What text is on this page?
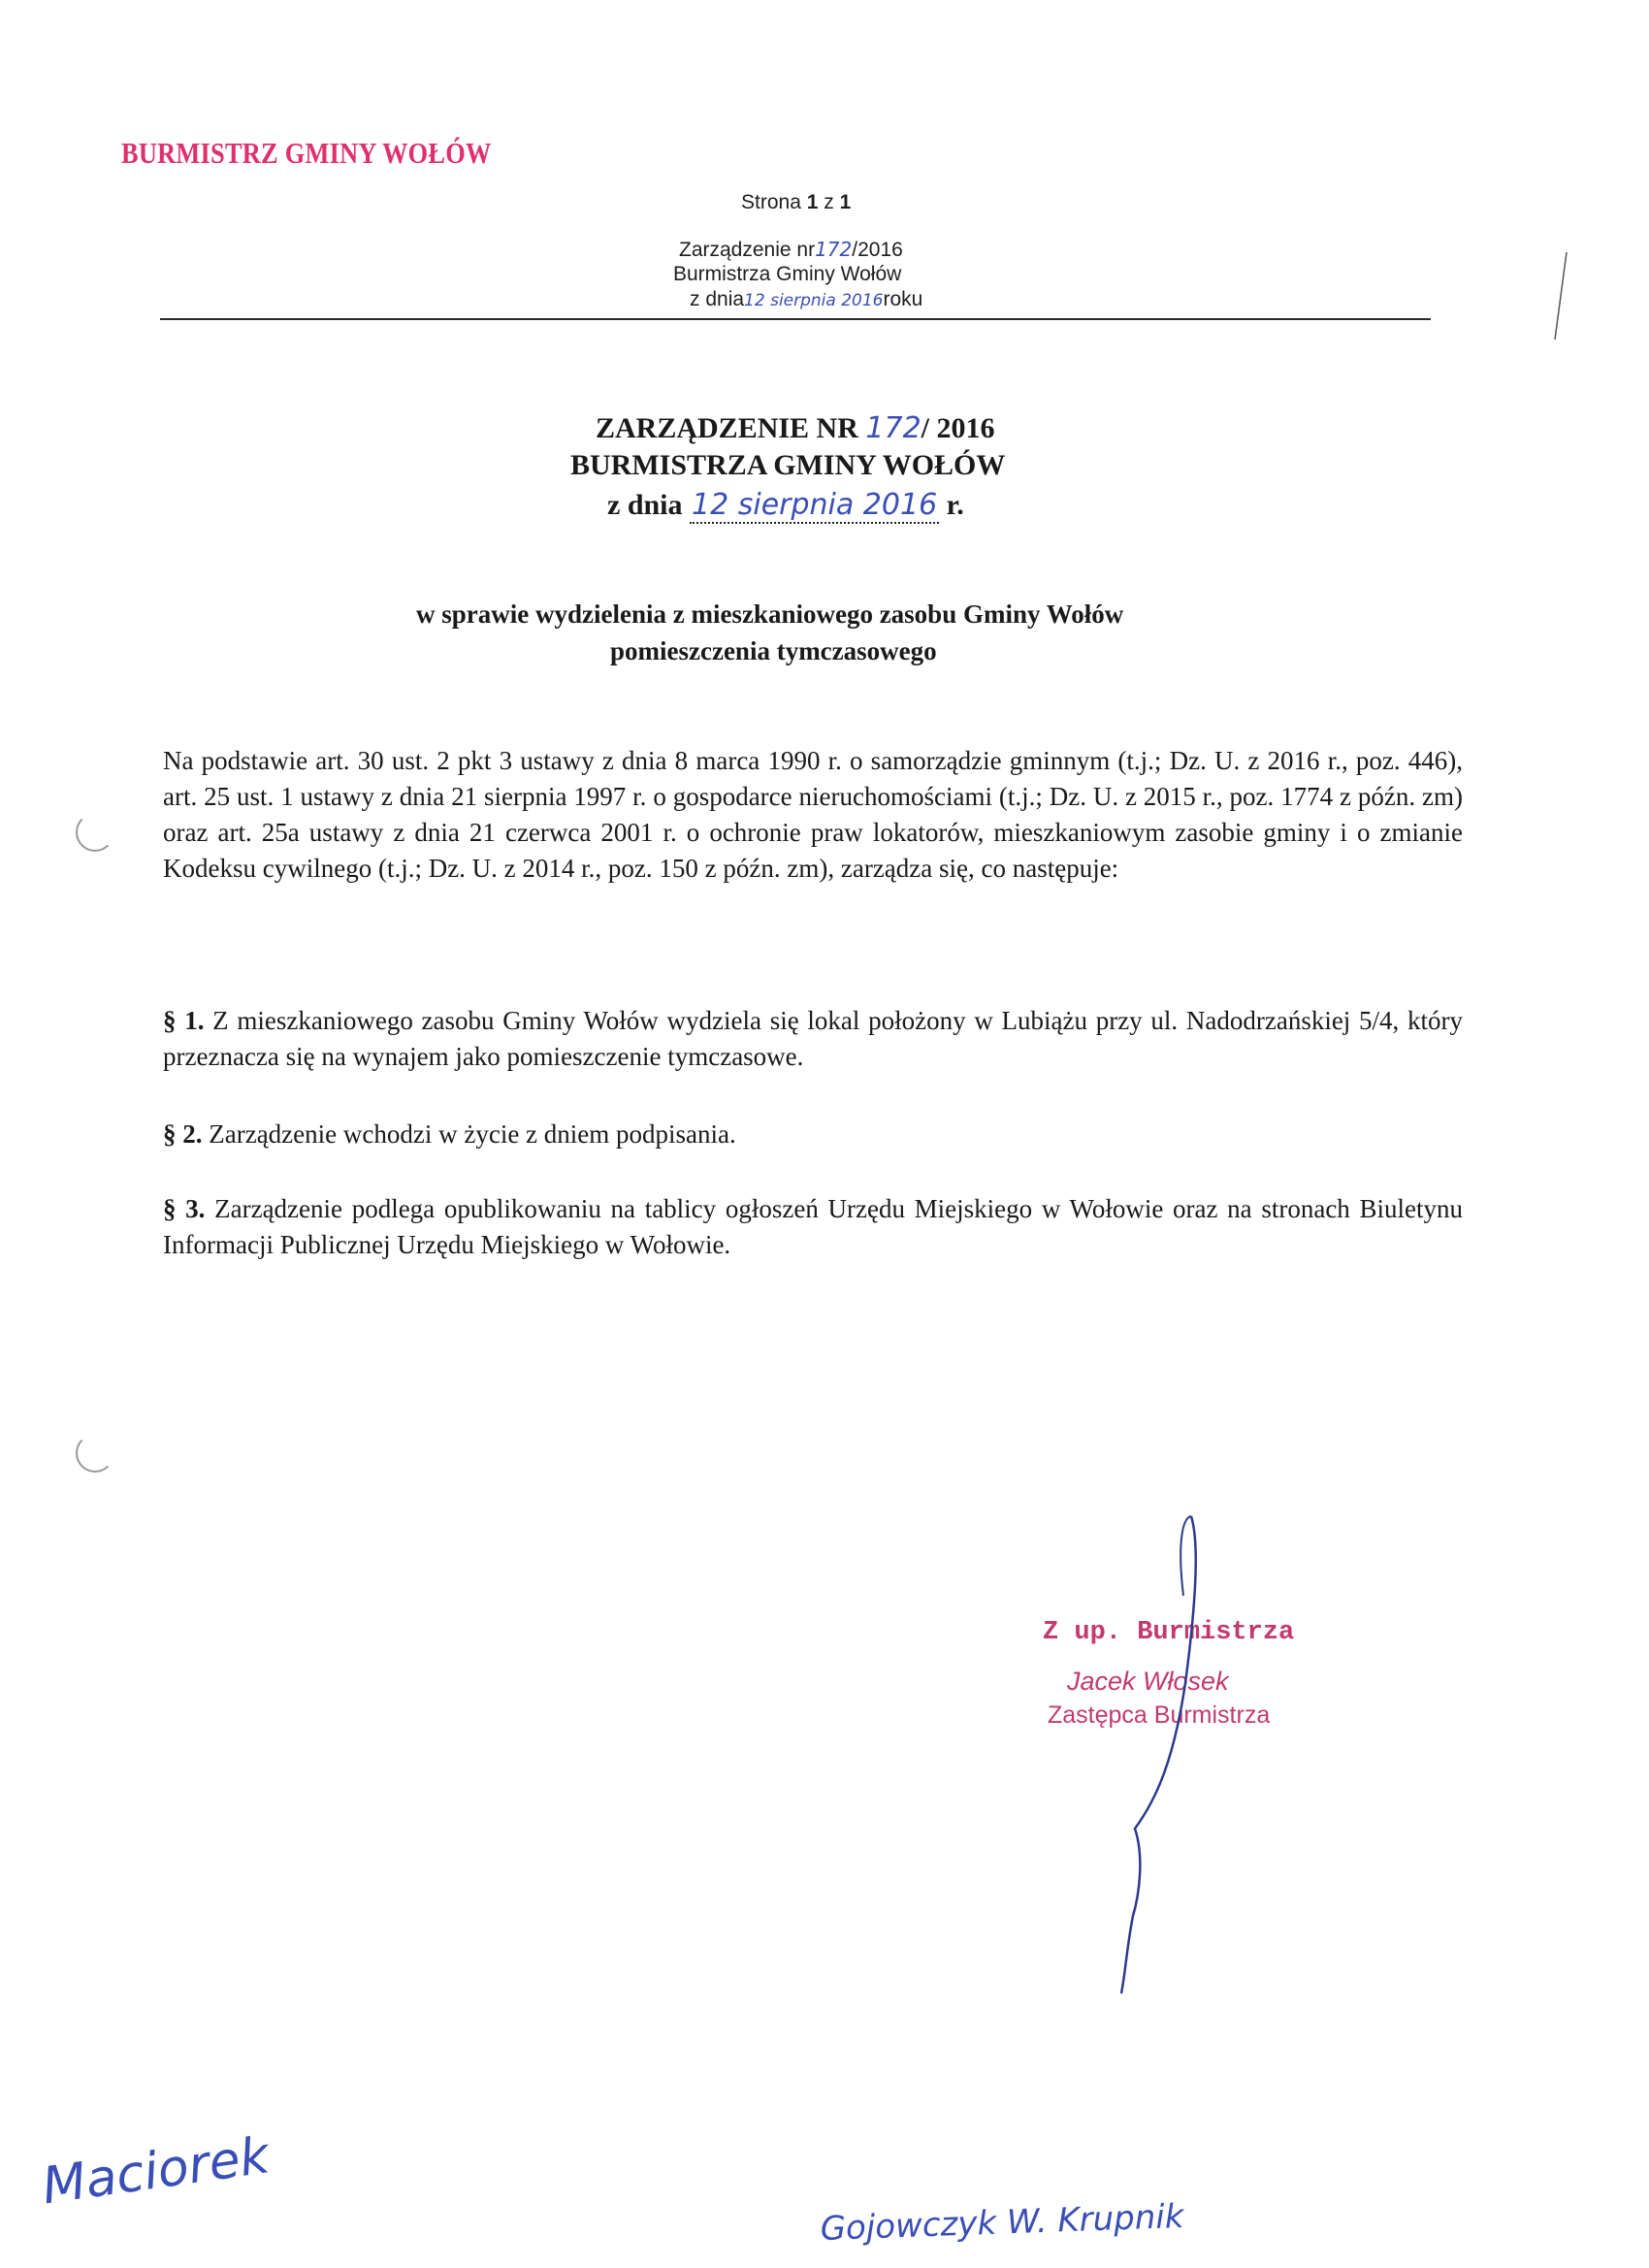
BURMISTRZ GMINY WOŁÓW
Strona 1 z 1
Zarządzenie nr172/2016
Burmistrza Gminy Wołów
z dnia12 sierpnia 2016roku
ZARZĄDZENIE NR 172/ 2016
BURMISTRZA GMINY WOŁÓW
z dnia 12 sierpnia 2016 r.
w sprawie wydzielenia z mieszkaniowego zasobu Gminy Wołów
pomieszczenia tymczasowego
Na podstawie art. 30 ust. 2 pkt 3 ustawy z dnia 8 marca 1990 r. o samorządzie gminnym (t.j.; Dz. U. z 2016 r., poz. 446), art. 25 ust. 1 ustawy z dnia 21 sierpnia 1997 r. o gospodarce nieruchomościami (t.j.; Dz. U. z 2015 r., poz. 1774 z późn. zm) oraz art. 25a ustawy z dnia 21 czerwca 2001 r. o ochronie praw lokatorów, mieszkaniowym zasobie gminy i o zmianie Kodeksu cywilnego (t.j.; Dz. U. z 2014 r., poz. 150 z późn. zm), zarządza się, co następuje:
§ 1. Z mieszkaniowego zasobu Gminy Wołów wydziela się lokal położony w Lubiążu przy ul. Nadodrzańskiej 5/4, który przeznacza się na wynajem jako pomieszczenie tymczasowe.
§ 2. Zarządzenie wchodzi w życie z dniem podpisania.
§ 3. Zarządzenie podlega opublikowaniu na tablicy ogłoszeń Urzędu Miejskiego w Wołowie oraz na stronach Biuletynu Informacji Publicznej Urzędu Miejskiego w Wołowie.
Z up. Burmistrza
Jacek Włosek
Zastępca Burmistrza
Maciorek
Gojowczyk W. Krupnik
